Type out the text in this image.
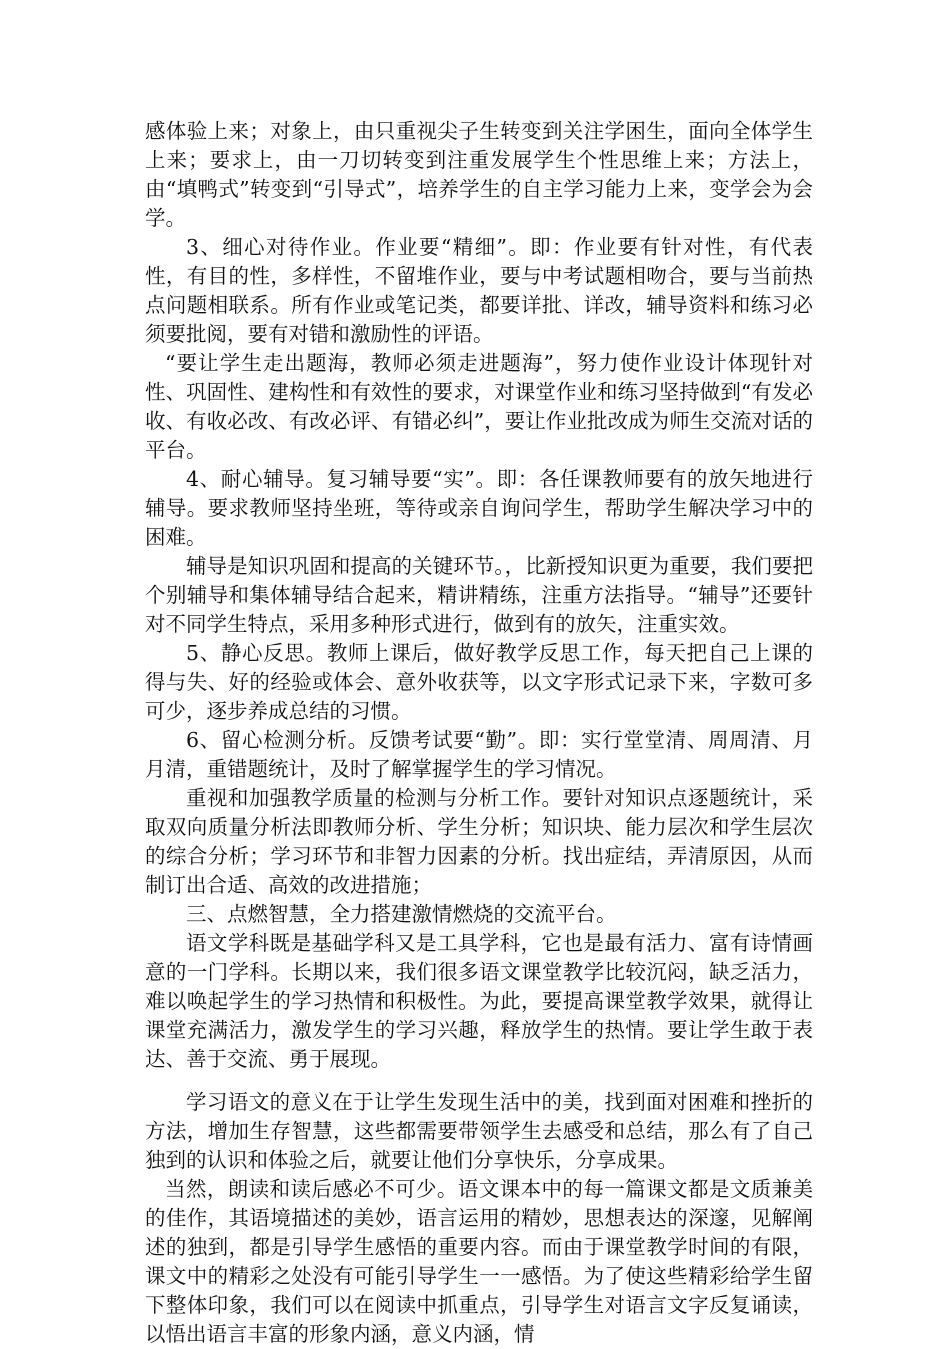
感体验上来；对象上，由只重视尖子生转变到关注学困生，面向全体学生上来；要求上，由一刀切转变到注重发展学生个性思维上来；方法上，由“填鸭式”转变到“引导式”，培养学生的自主学习能力上来，变学会为会学。

3、细心对待作业。作业要“精细”。即：作业要有针对性，有代表性，有目的性，多样性，不留堆作业，要与中考试题相吻合，要与当前热点问题相联系。所有作业或笔记类，都要详批、详改，辅导资料和练习必须要批阅，要有对错和激励性的评语。

“要让学生走出题海，教师必须走进题海”，努力使作业设计体现针对性、巩固性、建构性和有效性的要求，对课堂作业和练习坚持做到“有发必收、有收必改、有改必评、有错必纠”，要让作业批改成为师生交流对话的平台。

4、耐心辅导。复习辅导要“实”。即：各任课教师要有的放矢地进行辅导。要求教师坚持坐班，等待或亲自询问学生，帮助学生解决学习中的困难。

辅导是知识巩固和提高的关键环节。，比新授知识更为重要，我们要把个别辅导和集体辅导结合起来，精讲精练，注重方法指导。“辅导”还要针对不同学生特点，采用多种形式进行，做到有的放矢，注重实效。

5、静心反思。教师上课后，做好教学反思工作，每天把自己上课的得与失、好的经验或体会、意外收获等，以文字形式记录下来，字数可多可少，逐步养成总结的习惯。

6、留心检测分析。反馈考试要“勤”。即：实行堂堂清、周周清、月月清，重错题统计，及时了解掌握学生的学习情况。

重视和加强教学质量的检测与分析工作。要针对知识点逐题统计，采取双向质量分析法即教师分析、学生分析；知识块、能力层次和学生层次的综合分析；学习环节和非智力因素的分析。找出症结，弄清原因，从而制订出合适、高效的改进措施；

三、点燃智慧，全力搭建激情燃烧的交流平台。

语文学科既是基础学科又是工具学科，它也是最有活力、富有诗情画意的一门学科。长期以来，我们很多语文课堂教学比较沉闷，缺乏活力，难以唤起学生的学习热情和积极性。为此，要提高课堂教学效果，就得让课堂充满活力，激发学生的学习兴趣，释放学生的热情。要让学生敢于表达、善于交流、勇于展现。

学习语文的意义在于让学生发现生活中的美，找到面对困难和挫折的方法，增加生存智慧，这些都需要带领学生去感受和总结，那么有了自己独到的认识和体验之后，就要让他们分享快乐，分享成果。

当然，朗读和读后感必不可少。语文课本中的每一篇课文都是文质兼美的佳作，其语境描述的美妙，语言运用的精妙，思想表达的深邃，见解阐述的独到，都是引导学生感悟的重要内容。而由于课堂教学时间的有限，课文中的精彩之处没有可能引导学生一一感悟。为了使这些精彩给学生留下整体印象，我们可以在阅读中抓重点，引导学生对语言文字反复诵读，以悟出语言丰富的形象内涵，意义内涵，情
